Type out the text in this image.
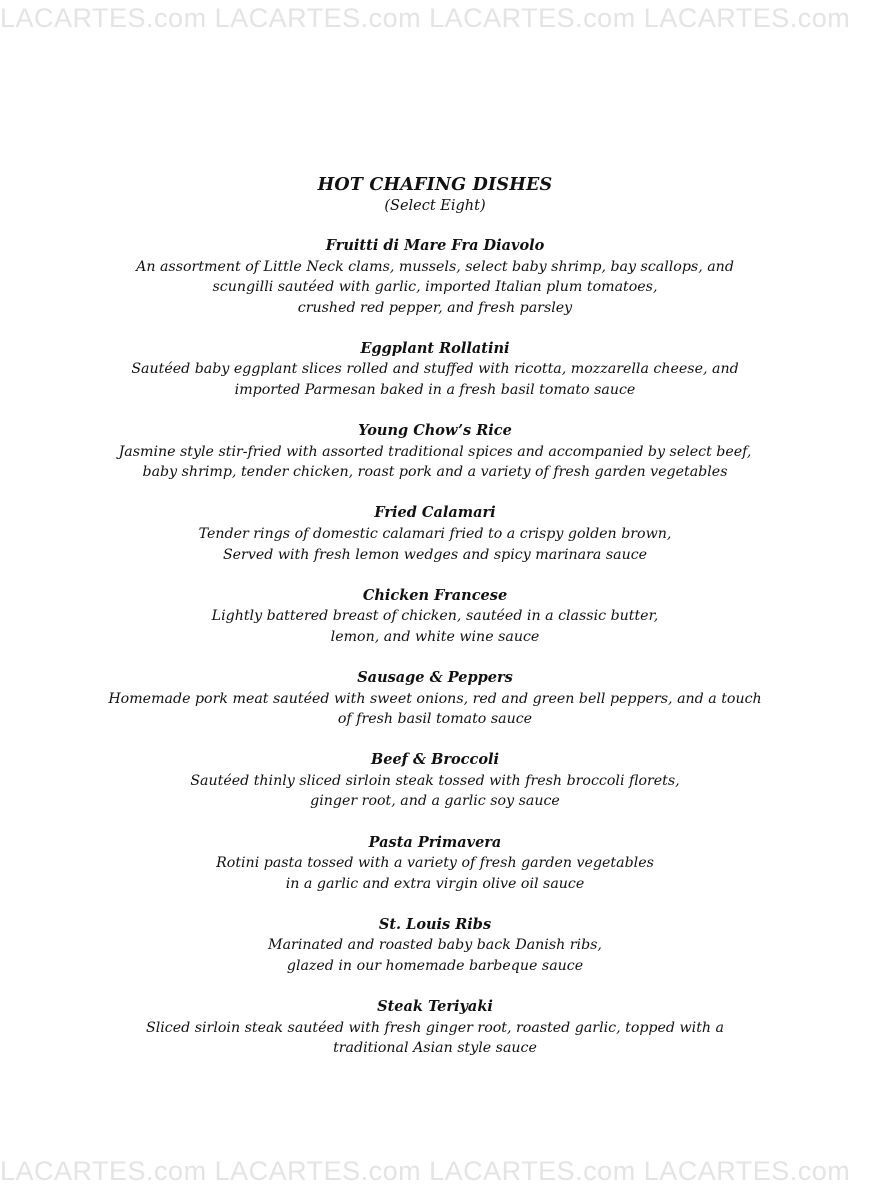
LACARTES.com LACARTES.com LACARTES.com LACARTES.com
HOT CHAFING DISHES
(Select Eight)
Fruitti di Mare Fra Diavolo
An assortment of Little Neck clams, mussels, select baby shrimp, bay scallops, and
scungilli sautéed with garlic, imported Italian plum tomatoes,
crushed red pepper, and fresh parsley
Eggplant Rollatini
Sautéed baby eggplant slices rolled and stuffed with ricotta, mozzarella cheese, and
imported Parmesan baked in a fresh basil tomato sauce
Young Chow’s Rice
Jasmine style stir-fried with assorted traditional spices and accompanied by select beef,
baby shrimp, tender chicken, roast pork and a variety of fresh garden vegetables
Fried Calamari
Tender rings of domestic calamari fried to a crispy golden brown,
Served with fresh lemon wedges and spicy marinara sauce
Chicken Francese
Lightly battered breast of chicken, sautéed in a classic butter,
lemon, and white wine sauce
Sausage & Peppers
Homemade pork meat sautéed with sweet onions, red and green bell peppers, and a touch
of fresh basil tomato sauce
Beef & Broccoli
Sautéed thinly sliced sirloin steak tossed with fresh broccoli florets,
ginger root, and a garlic soy sauce
Pasta Primavera
Rotini pasta tossed with a variety of fresh garden vegetables
in a garlic and extra virgin olive oil sauce
St. Louis Ribs
Marinated and roasted baby back Danish ribs,
glazed in our homemade barbeque sauce
Steak Teriyaki
Sliced sirloin steak sautéed with fresh ginger root, roasted garlic, topped with a
traditional Asian style sauce
LACARTES.com LACARTES.com LACARTES.com LACARTES.com
